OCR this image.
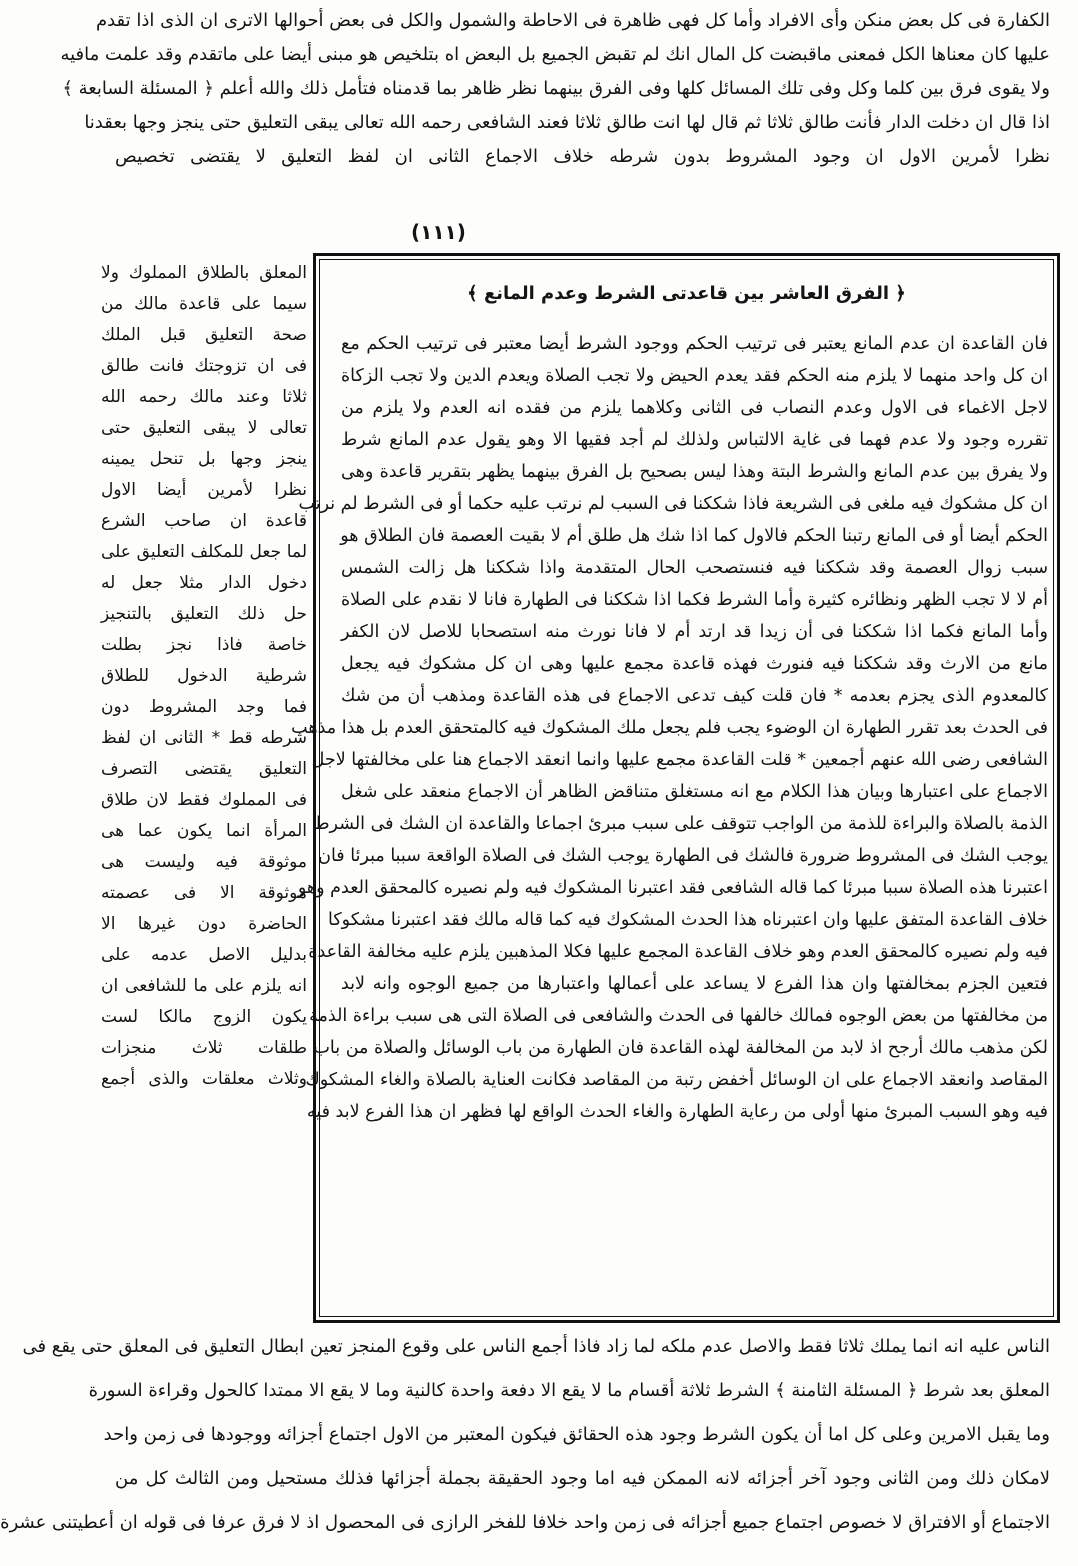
الكفارة فى كل بعض منكن وأى الافراد وأما كل فهى ظاهرة فى الاحاطة والشمول والكل فى بعض أحوالها الاترى ان الذى اذا تقدم
عليها كان معناها الكل فمعنى ماقبضت كل المال انك لم تقبض الجميع بل البعض اه بتلخيص هو مبنى أيضا على ماتقدم وقد علمت مافيه
ولا يقوى فرق بين كلما وكل وفى تلك المسائل كلها وفى الفرق بينهما نظر ظاهر بما قدمناه فتأمل ذلك والله أعلم ﴿ المسئلة السابعة ﴾
اذا قال ان دخلت الدار فأنت طالق ثلاثا ثم قال لها انت طالق ثلاثا فعند الشافعى رحمه الله تعالى يبقى التعليق حتى ينجز وجها بعقدنا
نظرا لأمرين الاول ان وجود المشروط بدون شرطه خلاف الاجماع الثانى ان لفظ التعليق لا يقتضى تخصيص
(١١١)
﴿ الفرق العاشر بين قاعدتى الشرط وعدم المانع ﴾
فان القاعدة ان عدم المانع يعتبر فى ترتيب الحكم ووجود الشرط أيضا معتبر فى ترتيب الحكم مع
ان كل واحد منهما لا يلزم منه الحكم فقد يعدم الحيض ولا تجب الصلاة ويعدم الدين ولا تجب الزكاة
لاجل الاغماء فى الاول وعدم النصاب فى الثانى وكلاهما يلزم من فقده انه العدم ولا يلزم من
تقرره وجود ولا عدم فهما فى غاية الالتباس ولذلك لم أجد فقيها الا وهو يقول عدم المانع شرط
ولا يفرق بين عدم المانع والشرط البتة وهذا ليس بصحيح بل الفرق بينهما يظهر بتقرير قاعدة وهى
ان كل مشكوك فيه ملغى فى الشريعة فاذا شككنا فى السبب لم نرتب عليه حكما أو فى الشرط لم نرتب
الحكم أيضا أو فى المانع رتبنا الحكم فالاول كما اذا شك هل طلق أم لا بقيت العصمة فان الطلاق هو
سبب زوال العصمة وقد شككنا فيه فنستصحب الحال المتقدمة واذا شككنا هل زالت الشمس
أم لا لا تجب الظهر ونظائره كثيرة وأما الشرط فكما اذا شككنا فى الطهارة فانا لا نقدم على الصلاة
وأما المانع فكما اذا شككنا فى أن زيدا قد ارتد أم لا فانا نورث منه استصحابا للاصل لان الكفر
مانع من الارث وقد شككنا فيه فنورث فهذه قاعدة مجمع عليها وهى ان كل مشكوك فيه يجعل
كالمعدوم الذى يجزم بعدمه * فان قلت كيف تدعى الاجماع فى هذه القاعدة ومذهب أن من شك
فى الحدث بعد تقرر الطهارة ان الوضوء يجب فلم يجعل ملك المشكوك فيه كالمتحقق العدم بل هذا مذهب
الشافعى رضى الله عنهم أجمعين * قلت القاعدة مجمع عليها وانما انعقد الاجماع هنا على مخالفتها لاجل
الاجماع على اعتبارها وبيان هذا الكلام مع انه مستغلق متناقض الظاهر أن الاجماع منعقد على شغل
الذمة بالصلاة والبراءة للذمة من الواجب تتوقف على سبب مبرئ اجماعا والقاعدة ان الشك فى الشرط
يوجب الشك فى المشروط ضرورة فالشك فى الطهارة يوجب الشك فى الصلاة الواقعة سببا مبرئا فان
اعتبرنا هذه الصلاة سببا مبرئا كما قاله الشافعى فقد اعتبرنا المشكوك فيه ولم نصيره كالمحقق العدم وهو
خلاف القاعدة المتفق عليها وان اعتبرناه هذا الحدث المشكوك فيه كما قاله مالك فقد اعتبرنا مشكوكا
فيه ولم نصيره كالمحقق العدم وهو خلاف القاعدة المجمع عليها فكلا المذهبين يلزم عليه مخالفة القاعدة
فتعين الجزم بمخالفتها وان هذا الفرع لا يساعد على أعمالها واعتبارها من جميع الوجوه وانه لابد
من مخالفتها من بعض الوجوه فمالك خالفها فى الحدث والشافعى فى الصلاة التى هى سبب براءة الذمة
لكن مذهب مالك أرجح اذ لابد من المخالفة لهذه القاعدة فان الطهارة من باب الوسائل والصلاة من باب
المقاصد وانعقد الاجماع على ان الوسائل أخفض رتبة من المقاصد فكانت العناية بالصلاة والغاء المشكوك
فيه وهو السبب المبرئ منها أولى من رعاية الطهارة والغاء الحدث الواقع لها فظهر ان هذا الفرع لابد فيه
المعلق بالطلاق المملوك ولا
سيما على قاعدة مالك من
صحة التعليق قبل الملك
فى ان تزوجتك فانت طالق
ثلاثا وعند مالك رحمه الله
تعالى لا يبقى التعليق حتى
ينجز وجها بل تنحل يمينه
نظرا لأمرين أيضا الاول
قاعدة ان صاحب الشرع
لما جعل للمكلف التعليق على
دخول الدار مثلا جعل له
حل ذلك التعليق بالتنجيز
خاصة فاذا نجز بطلت
شرطية الدخول للطلاق
فما وجد المشروط دون
شرطه قط * الثانى ان لفظ
التعليق يقتضى التصرف
فى المملوك فقط لان طلاق
المرأة انما يكون عما هى
موثوقة فيه وليست هى
موثوقة الا فى عصمته
الحاضرة دون غيرها الا
بدليل الاصل عدمه على
انه يلزم على ما للشافعى ان
يكون الزوج مالكا لست
طلقات ثلاث منجزات
وثلاث معلقات والذى أجمع
الناس عليه انه انما يملك ثلاثا فقط والاصل عدم ملكه لما زاد فاذا أجمع الناس على وقوع المنجز تعين ابطال التعليق فى المعلق حتى يقع فى
المعلق بعد شرط ﴿ المسئلة الثامنة ﴾ الشرط ثلاثة أقسام ما لا يقع الا دفعة واحدة كالنية وما لا يقع الا ممتدا كالحول وقراءة السورة
وما يقبل الامرين وعلى كل اما أن يكون الشرط وجود هذه الحقائق فيكون المعتبر من الاول اجتماع أجزائه ووجودها فى زمن واحد
لامكان ذلك ومن الثانى وجود آخر أجزائه لانه الممكن فيه اما وجود الحقيقة بجملة أجزائها فذلك مستحيل ومن الثالث كل من
الاجتماع أو الافتراق لا خصوص اجتماع جميع أجزائه فى زمن واحد خلافا للفخر الرازى فى المحصول اذ لا فرق عرفا فى قوله ان أعطيتنى عشرة
